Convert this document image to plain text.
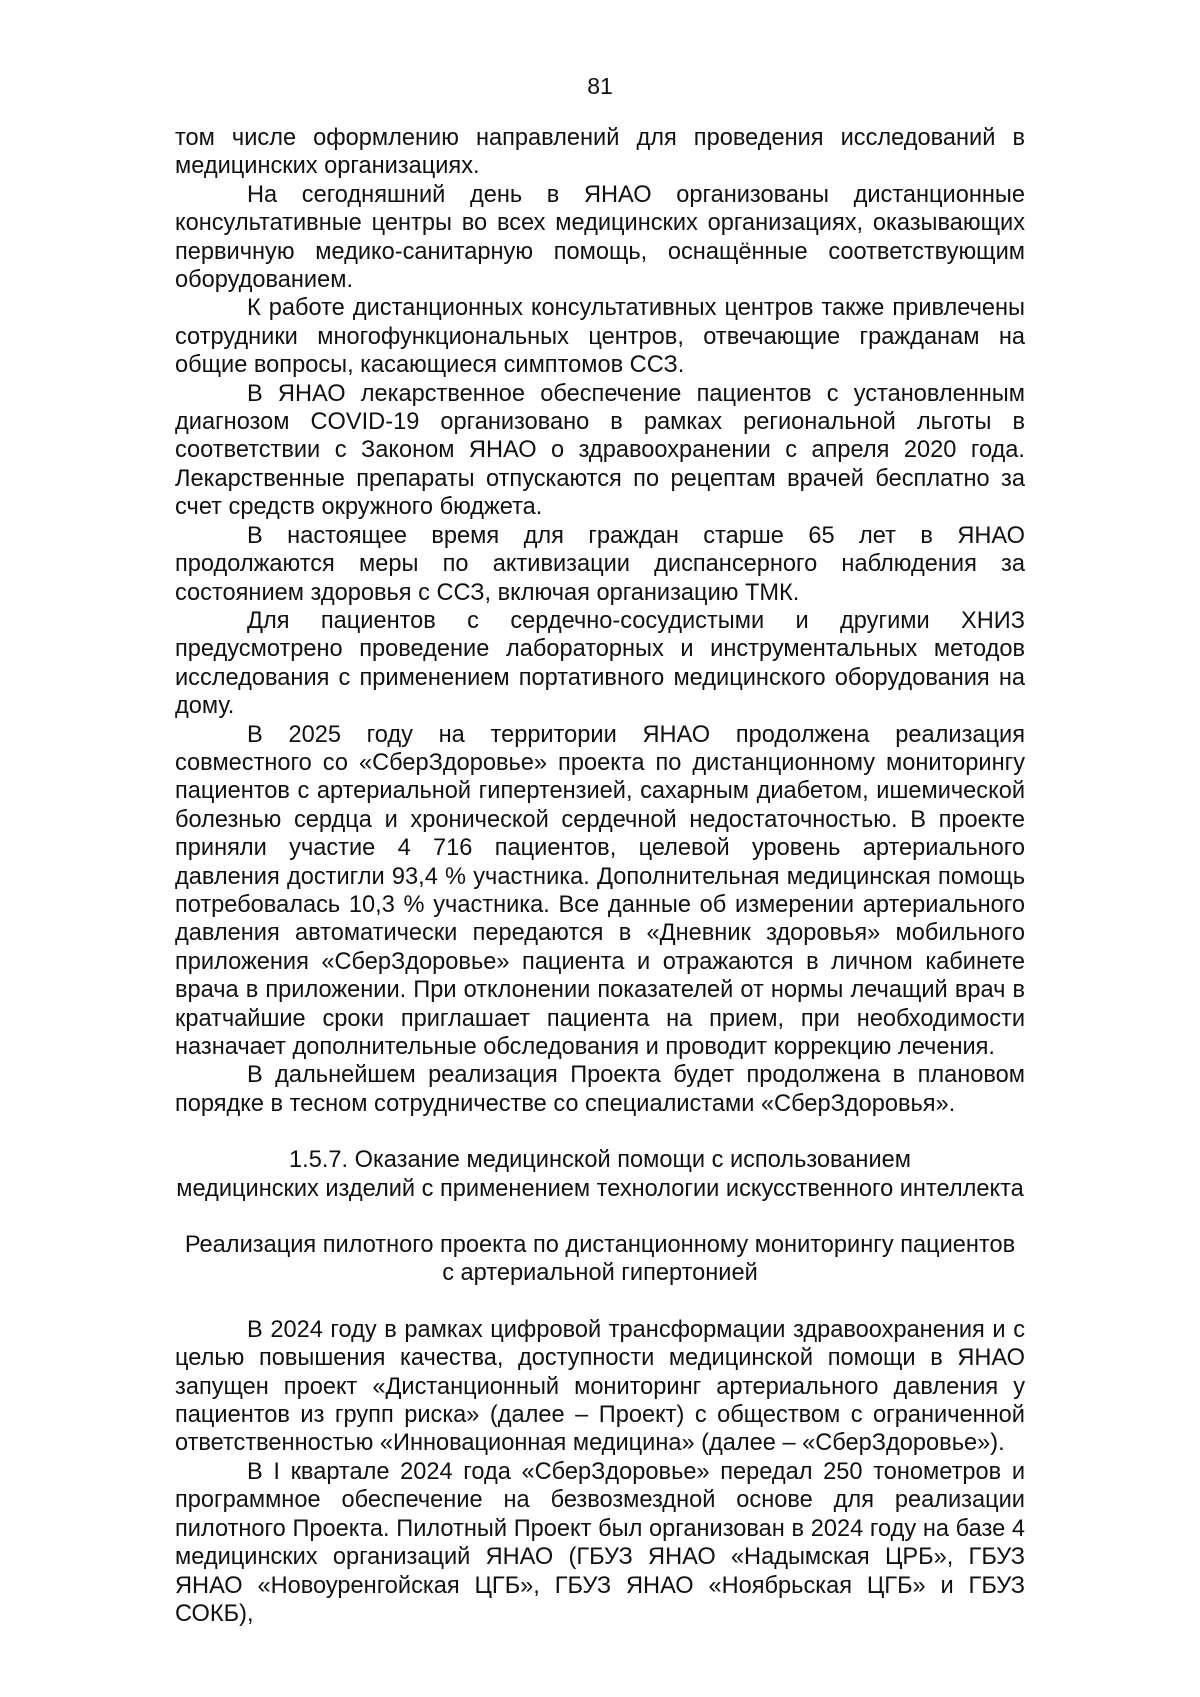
81

том числе оформлению направлений для проведения исследований в медицинских организациях.

На сегодняшний день в ЯНАО организованы дистанционные консультативные центры во всех медицинских организациях, оказывающих первичную медико-санитарную помощь, оснащённые соответствующим оборудованием.

К работе дистанционных консультативных центров также привлечены сотрудники многофункциональных центров, отвечающие гражданам на общие вопросы, касающиеся симптомов ССЗ.

В ЯНАО лекарственное обеспечение пациентов с установленным диагнозом COVID-19 организовано в рамках региональной льготы в соответствии с Законом ЯНАО о здравоохранении с апреля 2020 года. Лекарственные препараты отпускаются по рецептам врачей бесплатно за счет средств окружного бюджета.

В настоящее время для граждан старше 65 лет в ЯНАО продолжаются меры по активизации диспансерного наблюдения за состоянием здоровья с ССЗ, включая организацию ТМК.

Для пациентов с сердечно-сосудистыми и другими ХНИЗ предусмотрено проведение лабораторных и инструментальных методов исследования с применением портативного медицинского оборудования на дому.

В 2025 году на территории ЯНАО продолжена реализация совместного со «СберЗдоровье» проекта по дистанционному мониторингу пациентов с артериальной гипертензией, сахарным диабетом, ишемической болезнью сердца и хронической сердечной недостаточностью. В проекте приняли участие 4 716 пациентов, целевой уровень артериального давления достигли 93,4 % участника. Дополнительная медицинская помощь потребовалась 10,3 % участника. Все данные об измерении артериального давления автоматически передаются в «Дневник здоровья» мобильного приложения «СберЗдоровье» пациента и отражаются в личном кабинете врача в приложении. При отклонении показателей от нормы лечащий врач в кратчайшие сроки приглашает пациента на прием, при необходимости назначает дополнительные обследования и проводит коррекцию лечения.

В дальнейшем реализация Проекта будет продолжена в плановом порядке в тесном сотрудничестве со специалистами «СберЗдоровья».

1.5.7. Оказание медицинской помощи с использованием
медицинских изделий с применением технологии искусственного интеллекта
Реализация пилотного проекта по дистанционному мониторингу пациентов
с артериальной гипертонией

В 2024 году в рамках цифровой трансформации здравоохранения и с целью повышения качества, доступности медицинской помощи в ЯНАО запущен проект «Дистанционный мониторинг артериального давления у пациентов из групп риска» (далее – Проект) с обществом с ограниченной ответственностью «Инновационная медицина» (далее – «СберЗдоровье»).

В I квартале 2024 года «СберЗдоровье» передал 250 тонометров и программное обеспечение на безвозмездной основе для реализации пилотного Проекта. Пилотный Проект был организован в 2024 году на базе 4 медицинских организаций ЯНАО (ГБУЗ ЯНАО «Надымская ЦРБ», ГБУЗ ЯНАО «Новоуренгойская ЦГБ», ГБУЗ ЯНАО «Ноябрьская ЦГБ» и ГБУЗ СОКБ),
